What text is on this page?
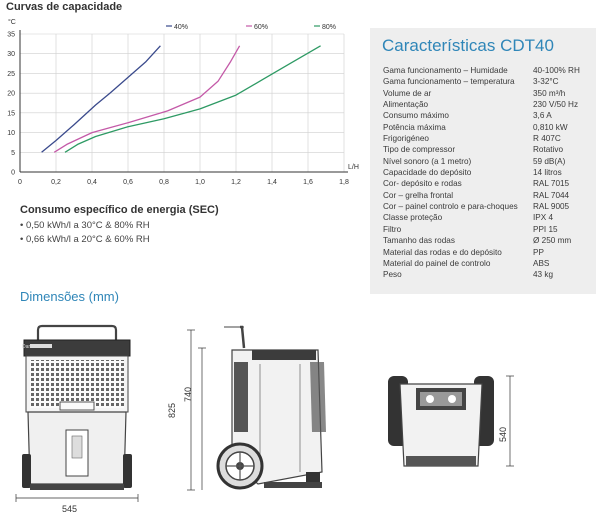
Curvas de capacidade
0	0,2	0,4	0,6	0,8	1,0	1,2	1,4	1,6	1,8
0
5
10
15
20
25
30
35
°C
L/H
40%	60%	80%
Consumo específico de energia (SEC)
• 0,50 kWh/l a 30°C & 80% RH
• 0,66 kWh/l a 20°C & 60% RH
Características CDT40
Gama funcionamento – Humidade	40-100% RH
Gama funcionamento – temperatura	3-32°C
Volume de ar	350 m³/h
Alimentação	230 V/50 Hz
Consumo máximo	3,6 A
Potência máxima	0,810 kW
Frigorigéneo	R 407C
Tipo de compressor	Rotativo
Nível sonoro (a 1 metro)	59 dB(A)
Capacidade do depósito	14 litros
Cor- depósito e rodas	RAL 7015
Cor – grelha frontal	RAL 7044
Cor – painel controlo e para-choques	RAL 9005
Classe proteção	IPX 4
Filtro	PPI 15
Tamanho das rodas	Ø 250 mm
Material das rodas e do depósito	PP
Material do painel de controlo	ABS
Peso	43 kg
Dimensões (mm)
Dantherm
545
825
740
540
